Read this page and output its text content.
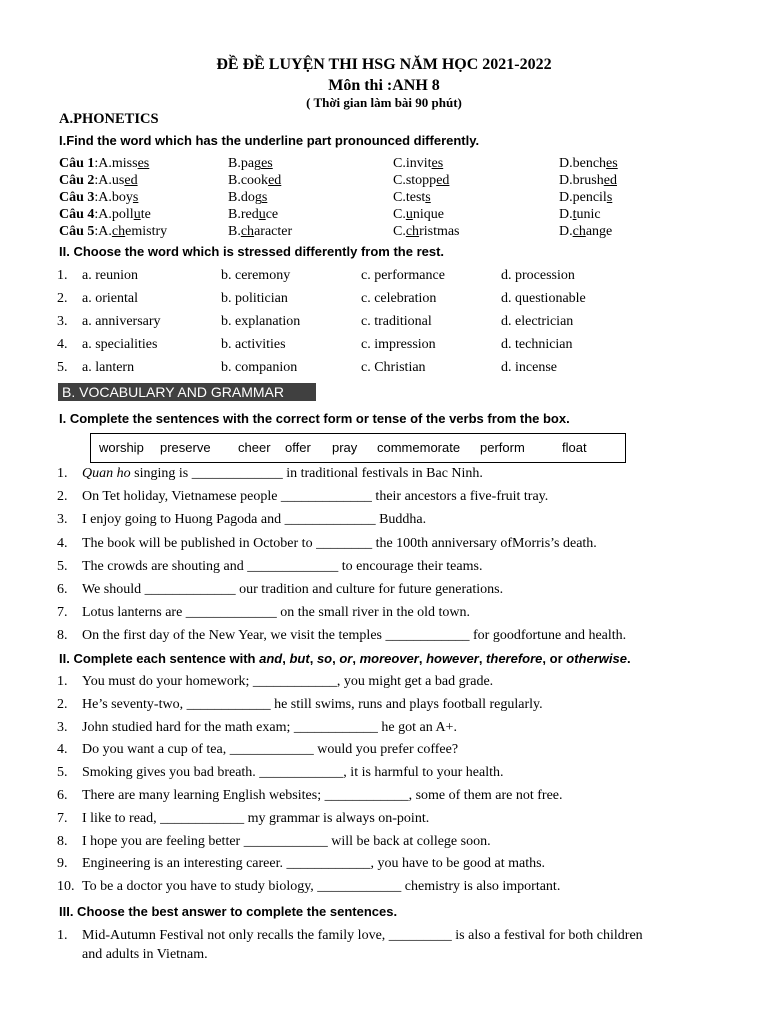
ĐỀ ĐỀ LUYỆN THI HSG NĂM HỌC 2021-2022
Môn thi :ANH 8
( Thời gian làm bài 90 phút)
A.PHONETICS
I.Find the word which has the underline part pronounced differently.
Câu 1:A.misses	B.pages	C.invites	D.benches
Câu 2:A.used	B.cooked	C.stopped	D.brushed
Câu 3:A.boys	B.dogs	C.tests	D.pencils
Câu 4:A.pollute	B.reduce	C.unique	D.tunic
Câu 5:A.chemistry	B.character	C.christmas	D.change
II. Choose the word which is stressed differently from the rest.
1. a. reunion	b. ceremony	c. performance	d. procession
2. a. oriental	b. politician	c. celebration	d. questionable
3. a. anniversary	b. explanation	c. traditional	d. electrician
4. a. specialities	b. activities	c. impression	d. technician
5. a. lantern	b. companion	c. Christian	d. incense
B. VOCABULARY AND GRAMMAR
I. Complete the sentences with the correct form or tense of the verbs from the box.
worship preserve cheer offer pray commemorate perform	float
1. Quan ho singing is _____________ in traditional festivals in Bac Ninh.
2. On Tet holiday, Vietnamese people _____________ their ancestors a five-fruit tray.
3. I enjoy going to Huong Pagoda and _____________ Buddha.
4. The book will be published in October to ________ the 100th anniversary ofMorris’s death.
5. The crowds are shouting and _____________ to encourage their teams.
6. We should _____________ our tradition and culture for future generations.
7. Lotus lanterns are _____________ on the small river in the old town.
8. On the first day of the New Year, we visit the temples ____________ for goodfortune and health.
II. Complete each sentence with and, but, so, or, moreover, however, therefore, or otherwise.
1. You must do your homework; ____________, you might get a bad grade.
2. He’s seventy-two, ____________ he still swims, runs and plays football regularly.
3. John studied hard for the math exam; ____________ he got an A+.
4. Do you want a cup of tea, ____________ would you prefer coffee?
5. Smoking gives you bad breath. ____________, it is harmful to your health.
6. There are many learning English websites; ____________, some of them are not free.
7. I like to read, ____________ my grammar is always on-point.
8. I hope you are feeling better ____________ will be back at college soon.
9. Engineering is an interesting career. ____________, you have to be good at maths.
10. To be a doctor you have to study biology, ____________ chemistry is also important.
III. Choose the best answer to complete the sentences.
1. Mid-Autumn Festival not only recalls the family love, _________ is also a festival for both children
and adults in Vietnam.
